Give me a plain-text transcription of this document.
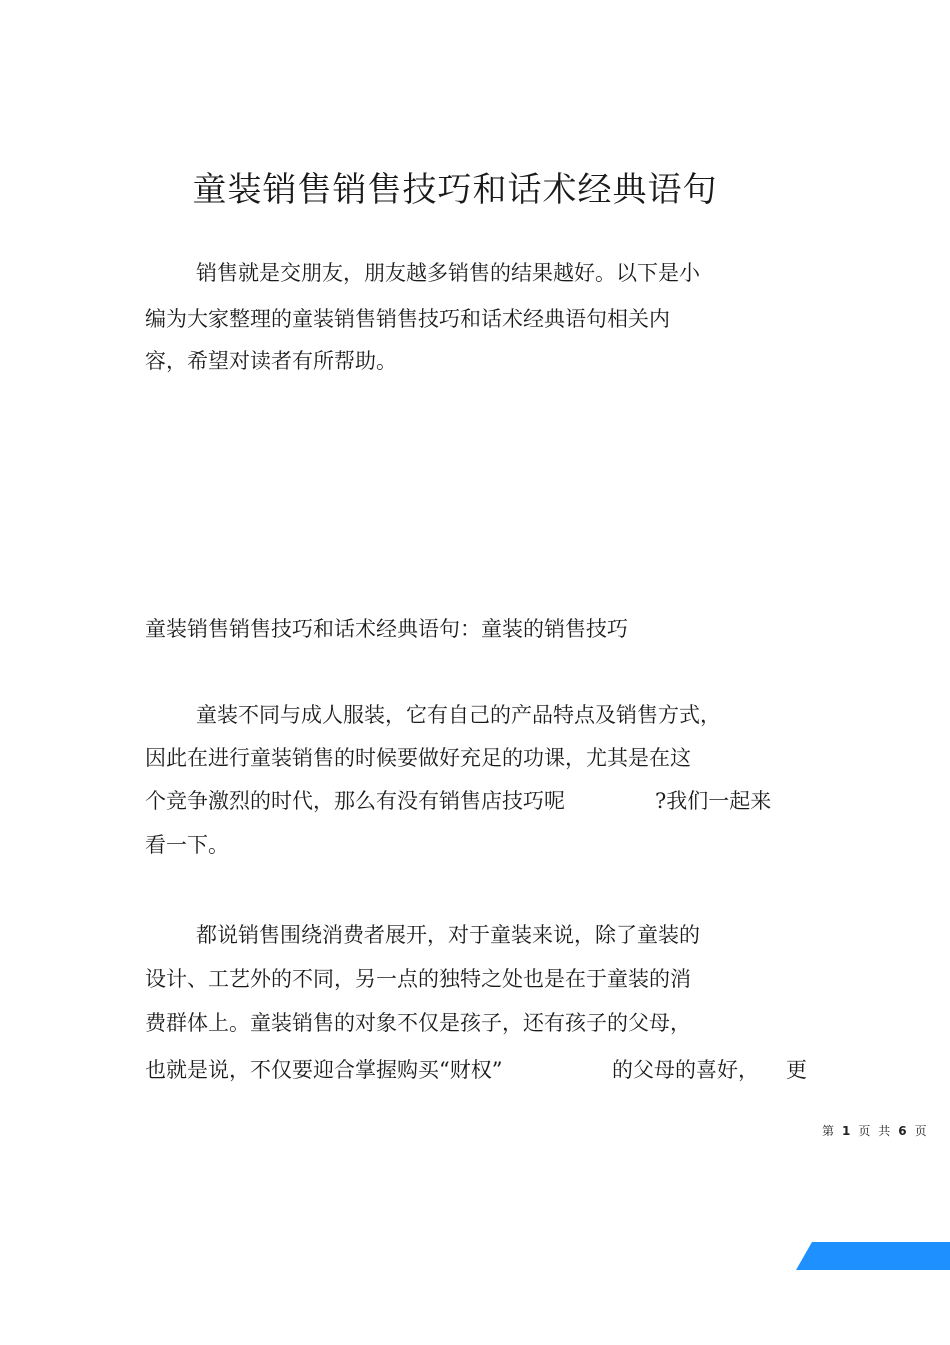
童装销售销售技巧和话术经典语句
销售就是交朋友，朋友越多销售的结果越好。以下是小
编为大家整理的童装销售销售技巧和话术经典语句相关内
容，希望对读者有所帮助。
童装销售销售技巧和话术经典语句：童装的销售技巧
童装不同与成人服装，它有自己的产品特点及销售方式，
因此在进行童装销售的时候要做好充足的功课，尤其是在这
个竞争激烈的时代，那么有没有销售店技巧呢	?我们一起来
看一下。
都说销售围绕消费者展开，对于童装来说，除了童装的
设计、工艺外的不同，另一点的独特之处也是在于童装的消
费群体上。童装销售的对象不仅是孩子，还有孩子的父母，
也就是说，不仅要迎合掌握购买“财权”	的父母的喜好， 更
第 1 页 共 6 页
